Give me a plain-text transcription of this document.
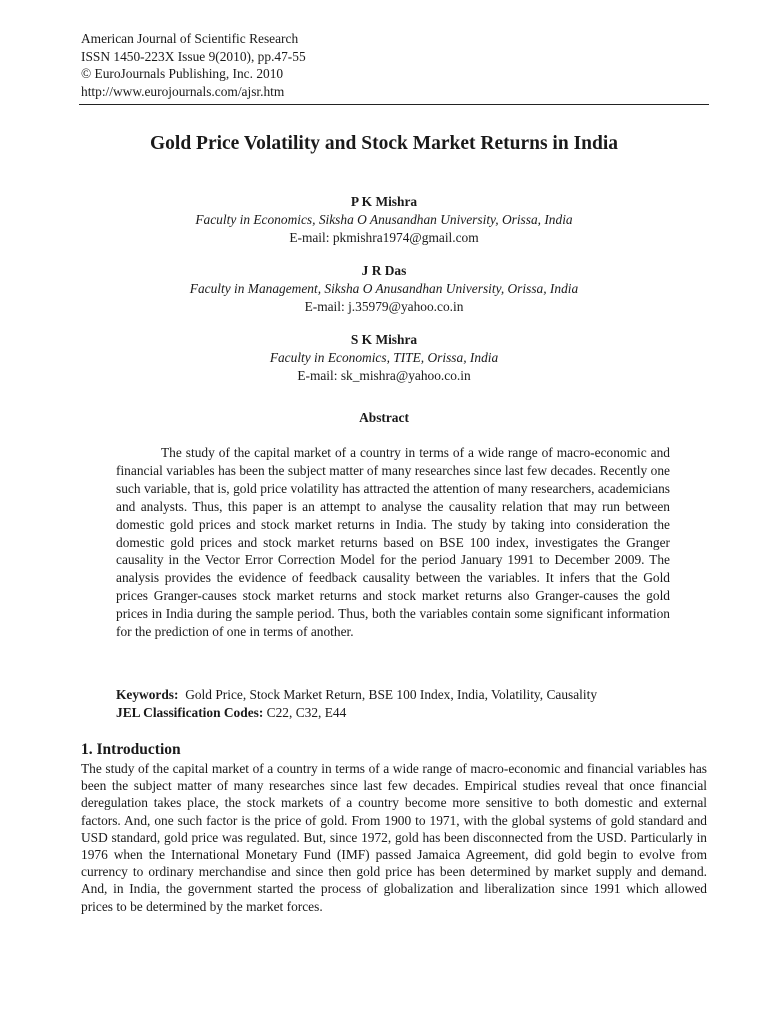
American Journal of Scientific Research
ISSN 1450-223X Issue 9(2010), pp.47-55
© EuroJournals Publishing, Inc. 2010
http://www.eurojournals.com/ajsr.htm
Gold Price Volatility and Stock Market Returns in India
P K Mishra
Faculty in Economics, Siksha O Anusandhan University, Orissa, India
E-mail: pkmishra1974@gmail.com
J R Das
Faculty in Management, Siksha O Anusandhan University, Orissa, India
E-mail: j.35979@yahoo.co.in
S K Mishra
Faculty in Economics, TITE, Orissa, India
E-mail: sk_mishra@yahoo.co.in
Abstract
The study of the capital market of a country in terms of a wide range of macro-economic and financial variables has been the subject matter of many researches since last few decades. Recently one such variable, that is, gold price volatility has attracted the attention of many researchers, academicians and analysts. Thus, this paper is an attempt to analyse the causality relation that may run between domestic gold prices and stock market returns in India. The study by taking into consideration the domestic gold prices and stock market returns based on BSE 100 index, investigates the Granger causality in the Vector Error Correction Model for the period January 1991 to December 2009. The analysis provides the evidence of feedback causality between the variables. It infers that the Gold prices Granger-causes stock market returns and stock market returns also Granger-causes the gold prices in India during the sample period. Thus, both the variables contain some significant information for the prediction of one in terms of another.
Keywords: Gold Price, Stock Market Return, BSE 100 Index, India, Volatility, Causality
JEL Classification Codes: C22, C32, E44
1. Introduction
The study of the capital market of a country in terms of a wide range of macro-economic and financial variables has been the subject matter of many researches since last few decades. Empirical studies reveal that once financial deregulation takes place, the stock markets of a country become more sensitive to both domestic and external factors. And, one such factor is the price of gold. From 1900 to 1971, with the global systems of gold standard and USD standard, gold price was regulated. But, since 1972, gold has been disconnected from the USD. Particularly in 1976 when the International Monetary Fund (IMF) passed Jamaica Agreement, did gold begin to evolve from currency to ordinary merchandise and since then gold price has been determined by market supply and demand. And, in India, the government started the process of globalization and liberalization since 1991 which allowed prices to be determined by the market forces.
